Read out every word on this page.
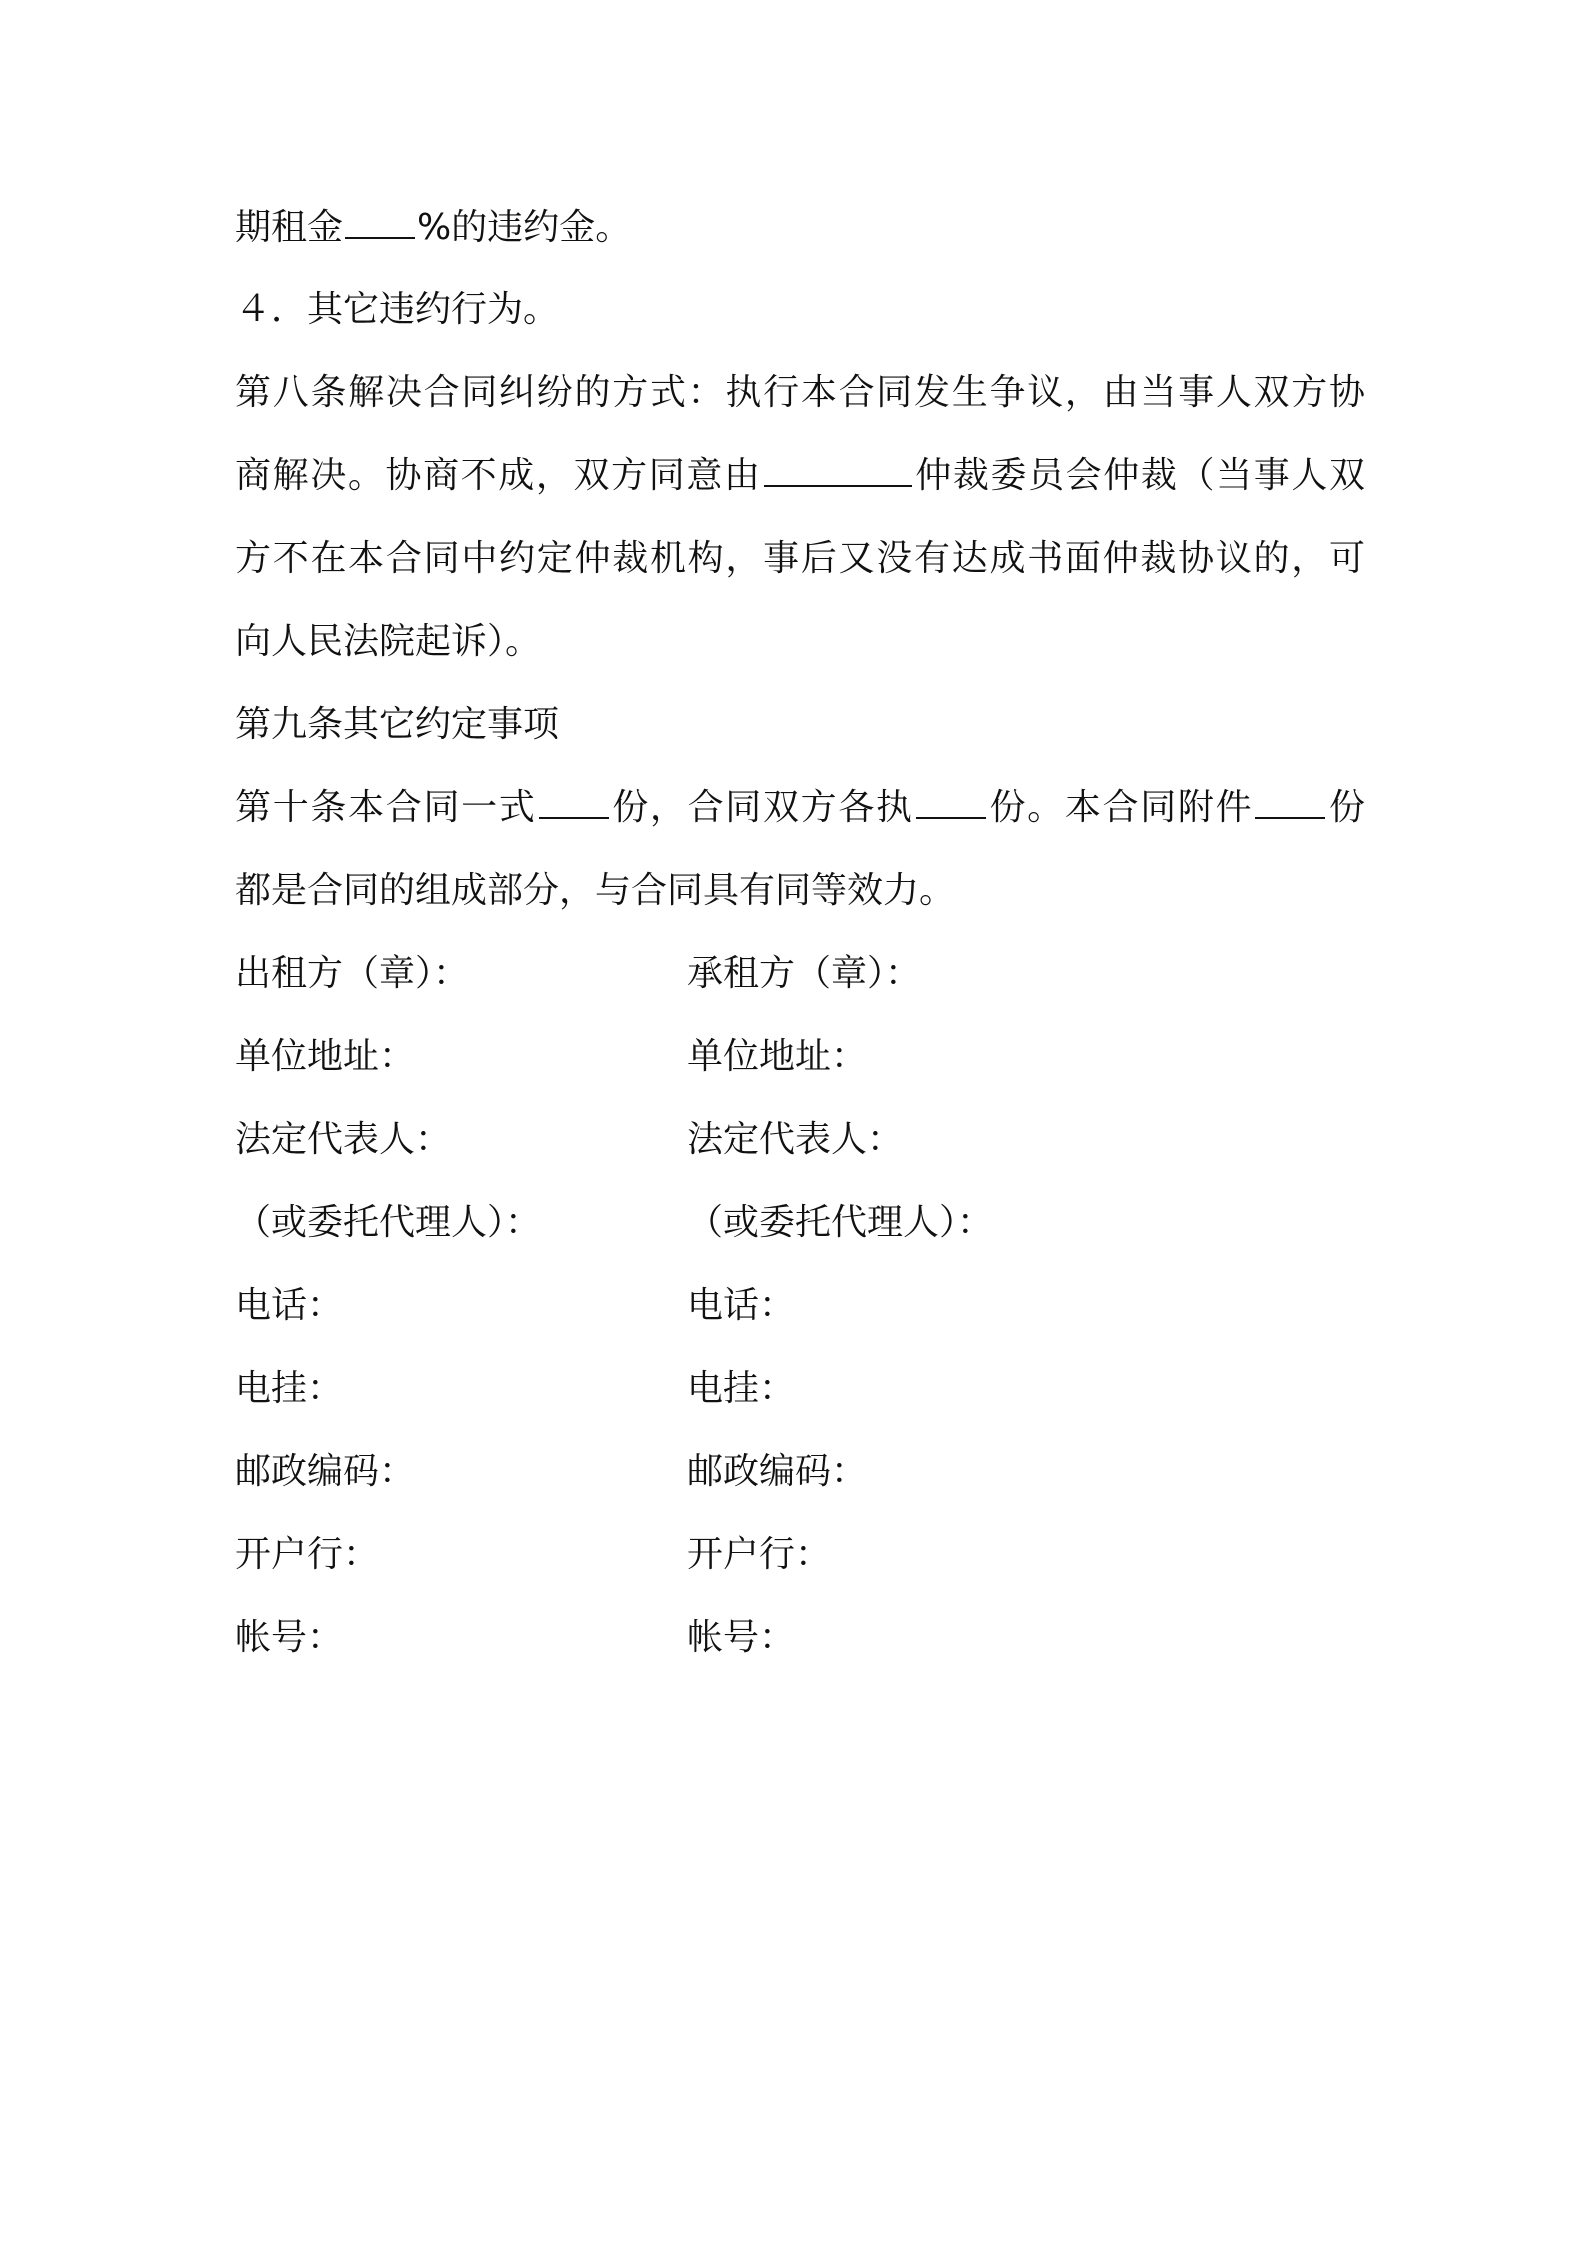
期租金 %的违约金。
４．其它违约行为。
第八条解决合同纠纷的方式：执行本合同发生争议，由当事人双方协
商解决。协商不成，双方同意由	仲裁委员会仲裁（当事人双
方不在本合同中约定仲裁机构，事后又没有达成书面仲裁协议的，可
向人民法院起诉）。
第九条其它约定事项
第十条本合同一式 份，合同双方各执 份。本合同附件 份
都是合同的组成部分，与合同具有同等效力。
出租方（章）：	承租方（章）：
单位地址：	单位地址：
法定代表人：	法定代表人：
（或委托代理人）：	（或委托代理人）：
电话：	电话：
电挂：	电挂：
邮政编码：	邮政编码：
开户行：	开户行：
帐号：	帐号：
